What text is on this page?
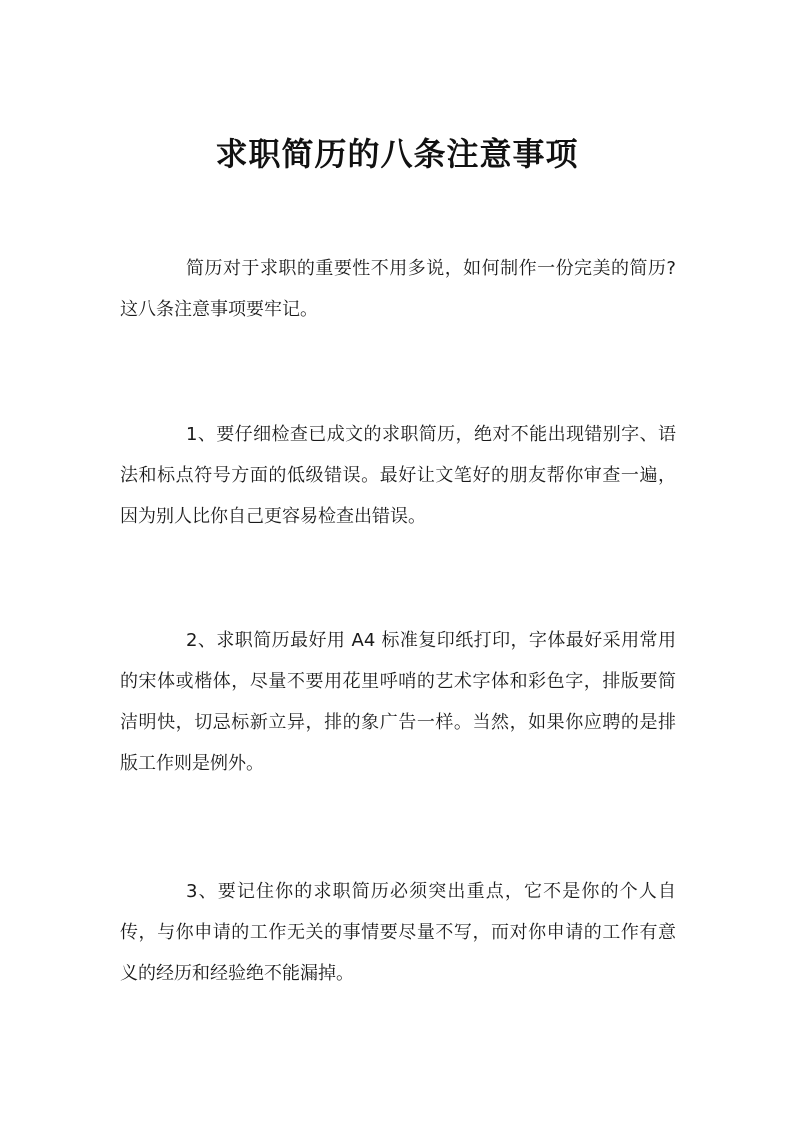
求职简历的八条注意事项

简历对于求职的重要性不用多说，如何制作一份完美的简历?这八条注意事项要牢记。

1、要仔细检查已成文的求职简历，绝对不能出现错别字、语法和标点符号方面的低级错误。最好让文笔好的朋友帮你审查一遍，因为别人比你自己更容易检查出错误。

2、求职简历最好用 A4 标准复印纸打印，字体最好采用常用的宋体或楷体，尽量不要用花里呼哨的艺术字体和彩色字，排版要简洁明快，切忌标新立异，排的象广告一样。当然，如果你应聘的是排版工作则是例外。

3、要记住你的求职简历必须突出重点，它不是你的个人自传，与你申请的工作无关的事情要尽量不写，而对你申请的工作有意义的经历和经验绝不能漏掉。
